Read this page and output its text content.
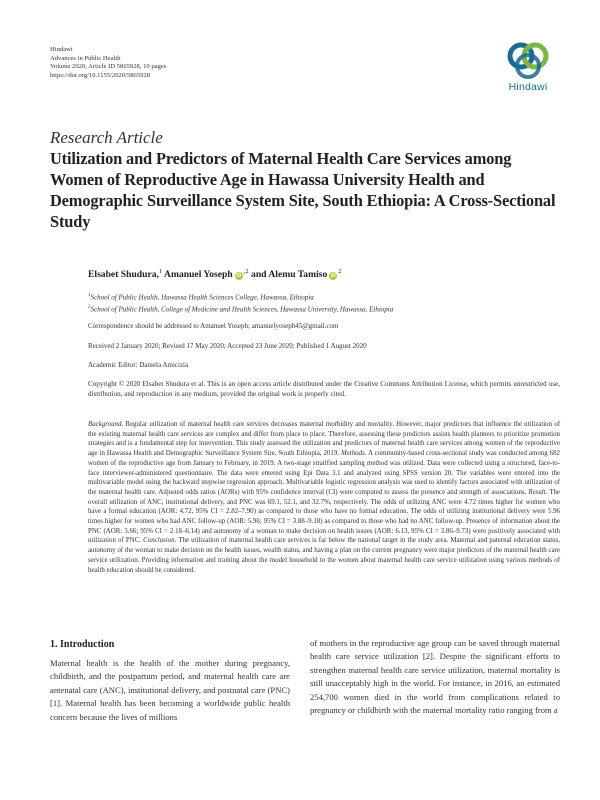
Hindawi
Advances in Public Health
Volume 2020, Article ID 5865928, 10 pages
https://doi.org/10.1155/2020/5865928
Hindawi
Research Article
Utilization and Predictors of Maternal Health Care Services among Women of Reproductive Age in Hawassa University Health and Demographic Surveillance System Site, South Ethiopia: A Cross-Sectional Study
Elsabet Shudura,$^1$ Amanuel Yoseph $iD^{,2}$ and Alemu Tamiso $iD^2$
$^1$School of Public Health, Hawassa Health Sciences College, Hawassa, Ethiopia
$^2$School of Public Health, College of Medicine and Health Sciences, Hawassa University, Hawassa, Ethiopia
Correspondence should be addressed to Amanuel Yoseph; amanuelyoseph45@gmail.com
Received 2 January 2020; Revised 17 May 2020; Accepted 23 June 2020; Published 1 August 2020
Academic Editor: Daniela Amicizia
Copyright © 2020 Elsabet Shudura et al. This is an open access article distributed under the Creative Commons Attribution License, which permits unrestricted use, distribution, and reproduction in any medium, provided the original work is properly cited.
Background. Regular utilization of maternal health care services decreases maternal morbidity and mortality. However, major predictors that influence the utilization of the existing maternal health care services are complex and differ from place to place. Therefore, assessing these predictors assists health planners to prioritize promotion strategies and is a fundamental step for intervention. This study assessed the utilization and predictors of maternal health care services among women of the reproductive age in Hawassa Health and Demographic Surveillance System Site, South Ethiopia, 2019. Methods. A community-based cross-sectional study was conducted among 682 women of the reproductive age from January to February, in 2019. A two-stage stratified sampling method was utilized. Data were collected using a structured, face-to-face interviewer-administered questionnaire. The data were entered using Epi Data 3.1 and analyzed using SPSS version 20. The variables were entered into the multivariable model using the backward stepwise regression approach. Multivariable logistic regression analysis was used to identify factors associated with utilization of the maternal health care. Adjusted odds ratios (AORs) with 95% confidence interval (CI) were computed to assess the presence and strength of associations. Result. The overall utilization of ANC, institutional delivery, and PNC was 69.1, 52.1, and 32.7%, respectively. The odds of utilizing ANC were 4.72 times higher for women who have a formal education (AOR: 4.72, 95% CI = 2.82–7.90) as compared to those who have no formal education. The odds of utilizing institutional delivery were 5.96 times higher for women who had ANC follow-up (AOR: 5.96; 95% CI = 3.88–9.18) as compared to those who had no ANC follow-up. Presence of information about the PNC (AOR: 3.66; 95% CI = 2.18–6.14) and autonomy of a woman to make decision on health issues (AOR: 6.13, 95% CI = 3.86–9.73) were positively associated with utilization of PNC. Conclusion. The utilization of maternal health care services is far below the national target in the study area. Maternal and paternal education status, autonomy of the woman to make decision on the health issues, wealth status, and having a plan on the current pregnancy were major predictors of the maternal health care service utilization. Providing information and training about the model household to the women about maternal health care service utilization using various methods of health education should be considered.
1. Introduction
Maternal health is the health of the mother during pregnancy, childbirth, and the postpartum period, and maternal health care are antenatal care (ANC), institutional delivery, and postnatal care (PNC) [1]. Maternal health has been becoming a worldwide public health concern because the lives of millions
of mothers in the reproductive age group can be saved through maternal health care service utilization [2]. Despite the significant efforts to strengthen maternal health care service utilization, maternal mortality is still unacceptably high in the world. For instance, in 2016, an estimated 254,700 women died in the world from complications related to pregnancy or childbirth with the maternal mortality ratio ranging from a
